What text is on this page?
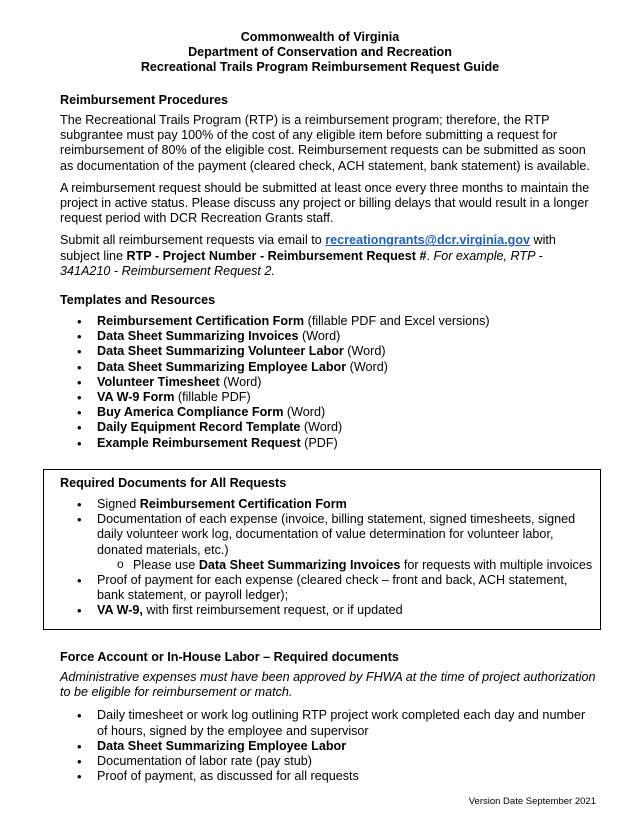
Commonwealth of Virginia
Department of Conservation and Recreation
Recreational Trails Program Reimbursement Request Guide
Reimbursement Procedures

The Recreational Trails Program (RTP) is a reimbursement program; therefore, the RTP subgrantee must pay 100% of the cost of any eligible item before submitting a request for reimbursement of 80% of the eligible cost. Reimbursement requests can be submitted as soon as documentation of the payment (cleared check, ACH statement, bank statement) is available.

A reimbursement request should be submitted at least once every three months to maintain the project in active status. Please discuss any project or billing delays that would result in a longer request period with DCR Recreation Grants staff.

Submit all reimbursement requests via email to recreationgrants@dcr.virginia.gov with subject line RTP - Project Number - Reimbursement Request #. For example, RTP - 341A210 - Reimbursement Request 2.

Templates and Resources
• Reimbursement Certification Form (fillable PDF and Excel versions)
• Data Sheet Summarizing Invoices (Word)
• Data Sheet Summarizing Volunteer Labor (Word)
• Data Sheet Summarizing Employee Labor (Word)
• Volunteer Timesheet (Word)
• VA W-9 Form (fillable PDF)
• Buy America Compliance Form (Word)
• Daily Equipment Record Template (Word)
• Example Reimbursement Request (PDF)
Required Documents for All Requests
• Signed Reimbursement Certification Form
• Documentation of each expense (invoice, billing statement, signed timesheets, signed daily volunteer work log, documentation of value determination for volunteer labor, donated materials, etc.)
o Please use Data Sheet Summarizing Invoices for requests with multiple invoices
• Proof of payment for each expense (cleared check – front and back, ACH statement, bank statement, or payroll ledger);
• VA W-9, with first reimbursement request, or if updated
Force Account or In-House Labor – Required documents

Administrative expenses must have been approved by FHWA at the time of project authorization to be eligible for reimbursement or match.

• Daily timesheet or work log outlining RTP project work completed each day and number of hours, signed by the employee and supervisor
• Data Sheet Summarizing Employee Labor
• Documentation of labor rate (pay stub)
• Proof of payment, as discussed for all requests
Version Date September 2021
